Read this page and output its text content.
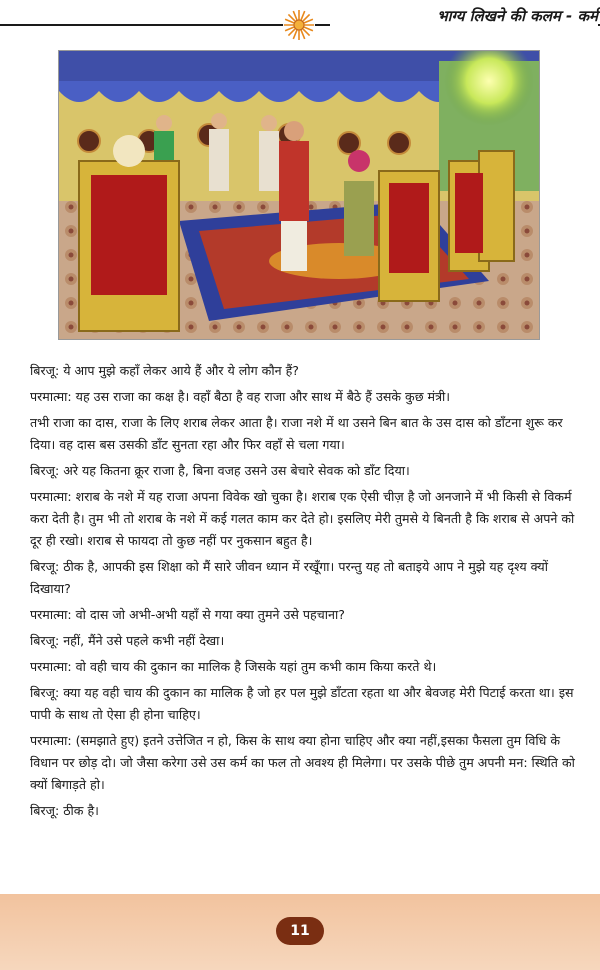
भाग्य लिखने की कलम - कर्म

बिरजू: ये आप मुझे कहाँ लेकर आये हैं और ये लोग कौन हैं?

परमात्मा: यह उस राजा का कक्ष है। वहाँ बैठा है वह राजा और साथ में बैठे हैं उसके कुछ मंत्री।

तभी राजा का दास, राजा के लिए शराब लेकर आता है। राजा नशे में था उसने बिन बात के उस दास को डाँटना शुरू कर दिया। वह दास बस उसकी डाँट सुनता रहा और फिर वहाँ से चला गया।

बिरजू: अरे यह कितना क्रूर राजा है, बिना वजह उसने उस बेचारे सेवक को डाँट दिया।

परमात्मा: शराब के नशे में यह राजा अपना विवेक खो चुका है। शराब एक ऐसी चीज़ है जो अनजाने में भी किसी से विकर्म करा देती है। तुम भी तो शराब के नशे में कई गलत काम कर देते हो। इसलिए मेरी तुमसे ये बिनती है कि शराब से अपने को दूर ही रखो। शराब से फायदा तो कुछ नहीं पर नुकसान बहुत है।

बिरजू: ठीक है, आपकी इस शिक्षा को मैं सारे जीवन ध्यान में रखूँगा। परन्तु यह तो बताइये आप ने मुझे यह दृश्य क्यों दिखाया?

परमात्मा: वो दास जो अभी-अभी यहाँ से गया क्या तुमने उसे पहचाना?

बिरजू: नहीं, मैंने उसे पहले कभी नहीं देखा।

परमात्मा: वो वही चाय की दुकान का मालिक है जिसके यहां तुम कभी काम किया करते थे।

बिरजू: क्या यह वही चाय की दुकान का मालिक है जो हर पल मुझे डाँटता रहता था और बेवजह मेरी पिटाई करता था। इस पापी के साथ तो ऐसा ही होना चाहिए।

परमात्मा: (समझाते हुए) इतने उत्तेजित न हो, किस के साथ क्या होना चाहिए और क्या नहीं,इसका फैसला तुम विधि के विधान पर छोड़ दो। जो जैसा करेगा उसे उस कर्म का फल तो अवश्य ही मिलेगा। पर उसके पीछे तुम अपनी मन: स्थिति को क्यों बिगाड़ते हो।

बिरजू: ठीक है।

11
